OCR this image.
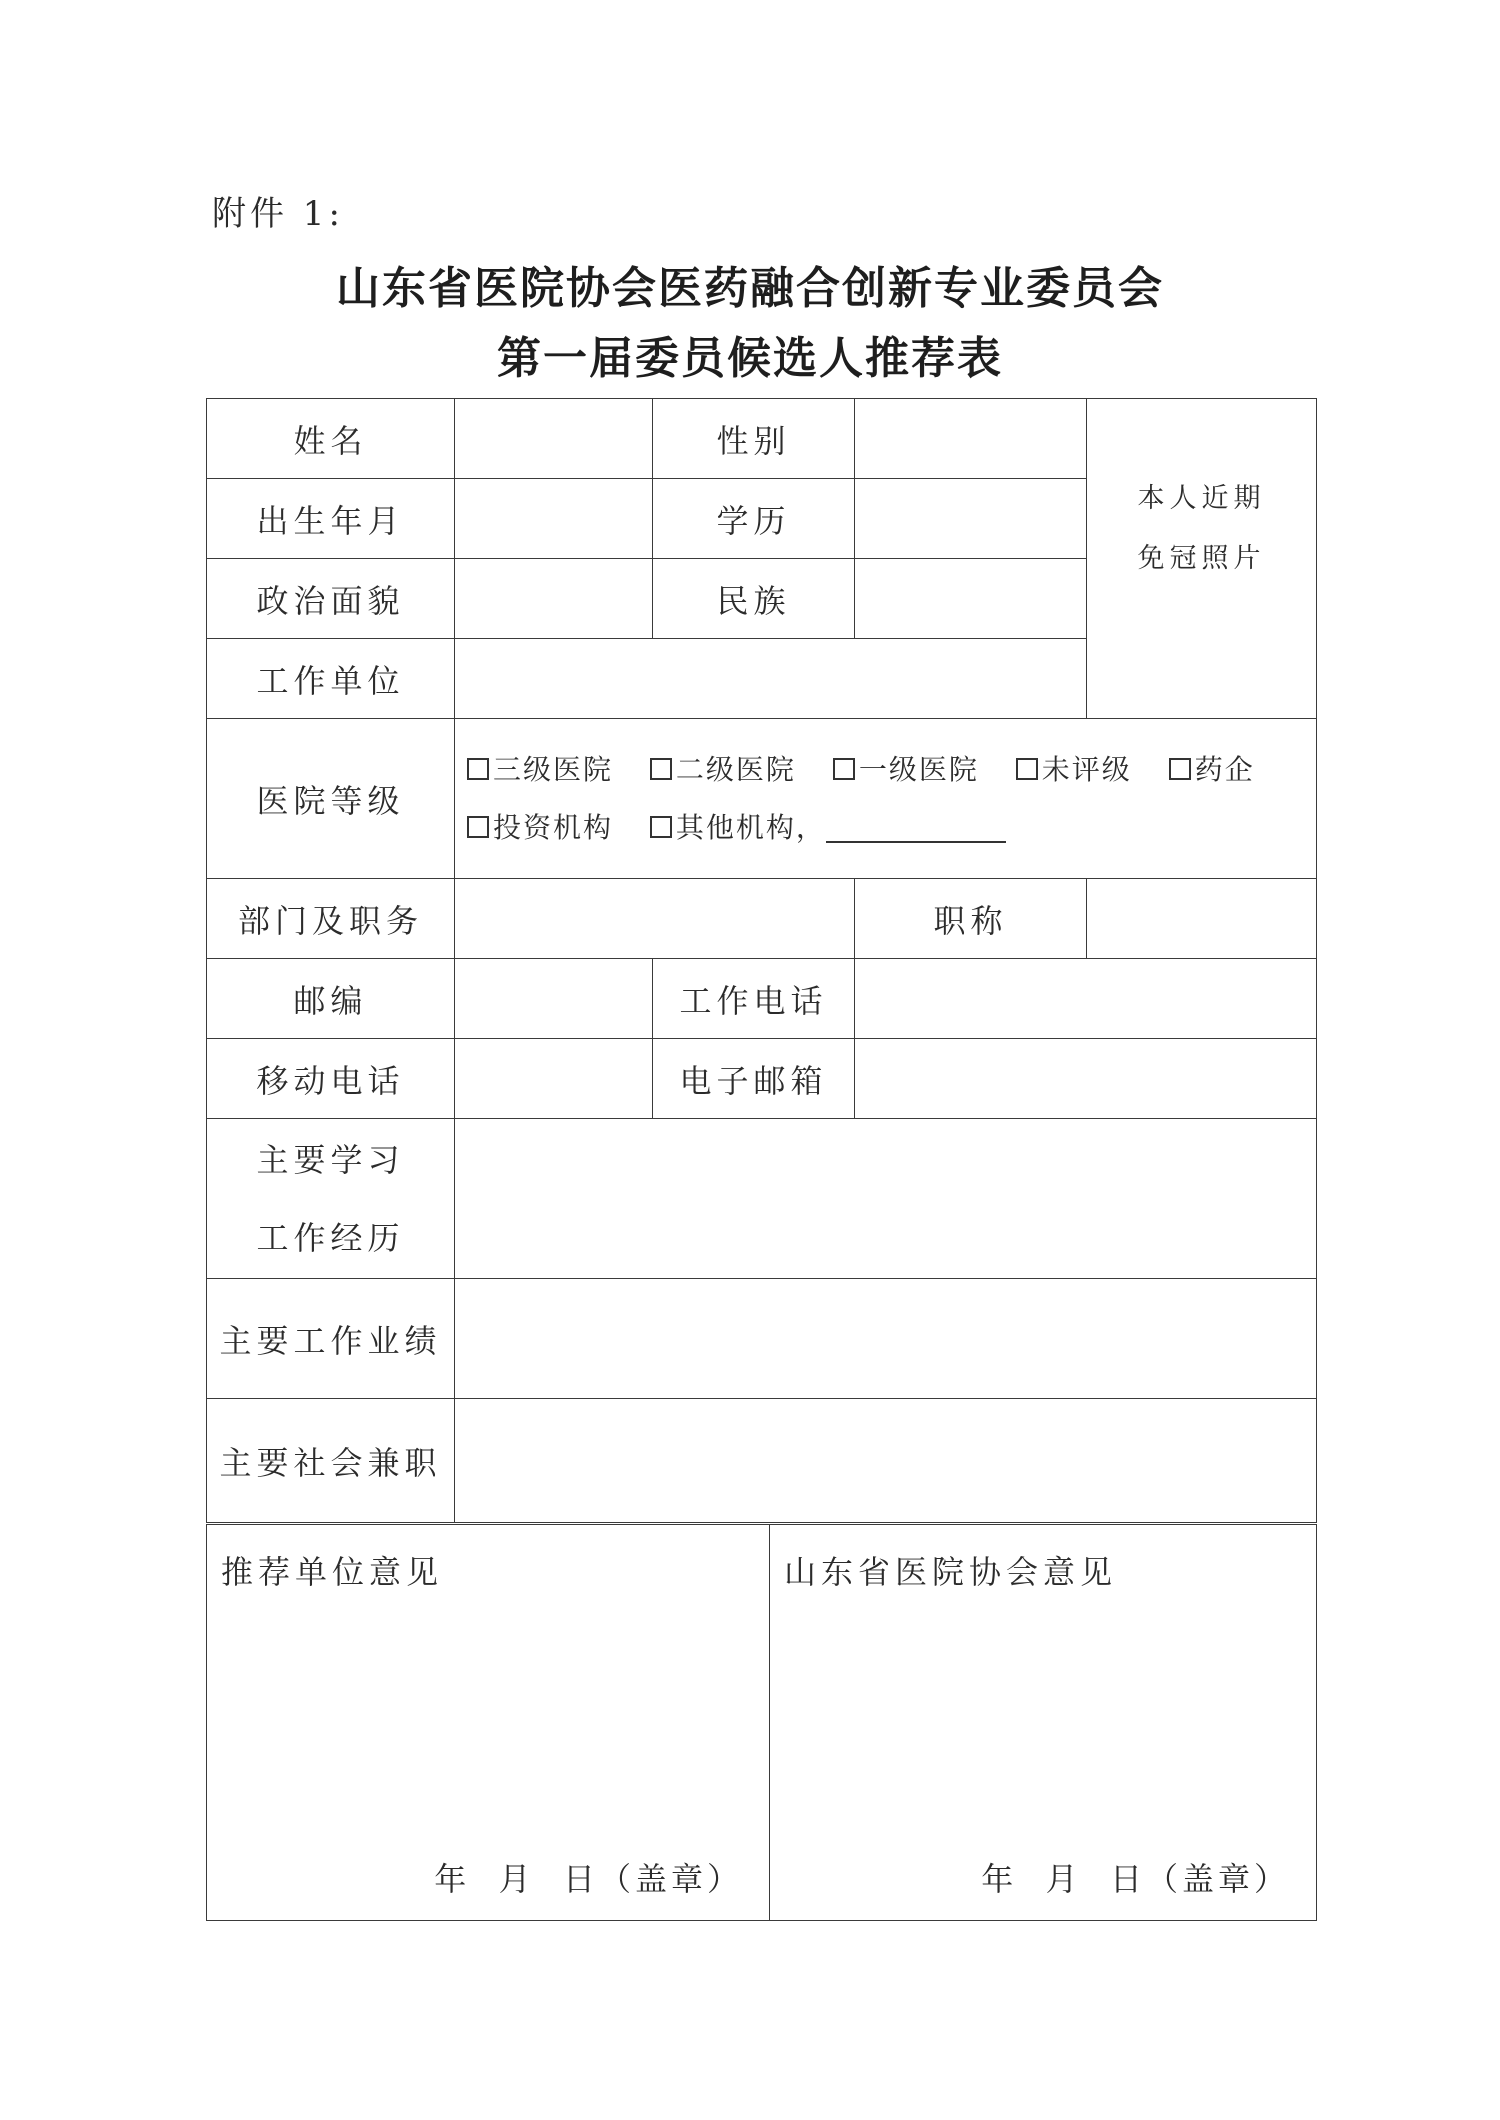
附件 1:
山东省医院协会医药融合创新专业委员会
第一届委员候选人推荐表
姓名		性别		本人近期
免冠照片

出生年月		学历		
政治面貌		民族		
工作单位				
医院等级	三级医院 二级医院 一级医院 未评级 药企
投资机构 其他机构，			

部门及职务			职称	
邮编		工作电话		
移动电话		电子邮箱		

主要学习
工作经历				

主要工作业绩				
主要社会兼职				
推荐单位意见
年  月  日（盖章）

山东省医院协会意见
年  月  日（盖章）
